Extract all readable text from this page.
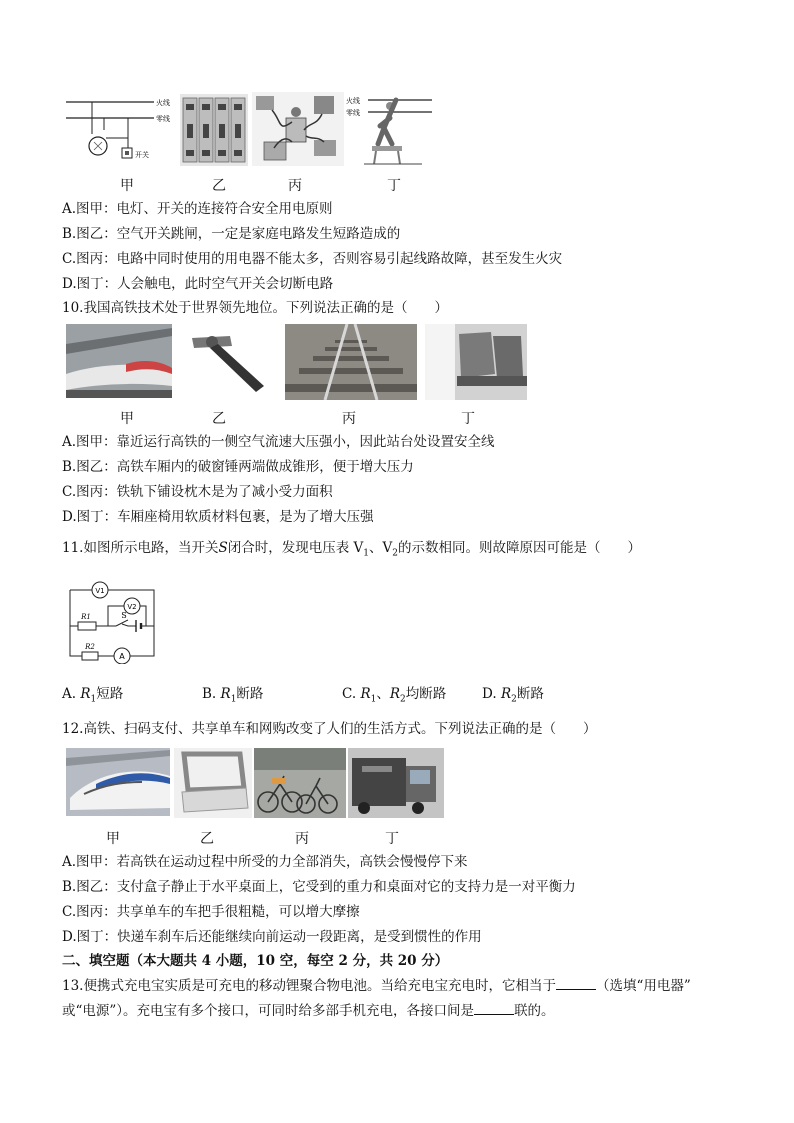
火线
零线
开关
火线
零线
甲	乙	丙	丁
A.图甲：电灯、开关的连接符合安全用电原则
B.图乙：空气开关跳闸，一定是家庭电路发生短路造成的
C.图丙：电路中同时使用的用电器不能太多，否则容易引起线路故障，甚至发生火灾
D.图丁：人会触电，此时空气开关会切断电路
10.我国高铁技术处于世界领先地位。下列说法正确的是（　　）
甲	乙	丙	丁
A.图甲：靠近运行高铁的一侧空气流速大压强小，因此站台处设置安全线
B.图乙：高铁车厢内的破窗锤两端做成锥形，便于增大压力
C.图丙：铁轨下铺设枕木是为了减小受力面积
D.图丁：车厢座椅用软质材料包裹，是为了增大压强
11.如图所示电路，当开关S闭合时，发现电压表 $V_1$、$V_2$的示数相同。则故障原因可能是（　　）
V1
V2
R1	S
R2
A
A. $R_1$短路	B. $R_1$断路	C. $R_1$、$R_2$均断路	D. $R_2$断路
12.高铁、扫码支付、共享单车和网购改变了人们的生活方式。下列说法正确的是（　　）
甲	乙	丙	丁
A.图甲：若高铁在运动过程中所受的力全部消失，高铁会慢慢停下来
B.图乙：支付盒子静止于水平桌面上，它受到的重力和桌面对它的支持力是一对平衡力
C.图丙：共享单车的车把手很粗糙，可以增大摩擦
D.图丁：快递车刹车后还能继续向前运动一段距离，是受到惯性的作用
二、填空题（本大题共 4 小题，10 空，每空 2 分，共 20 分）
13.便携式充电宝实质是可充电的移动锂聚合物电池。当给充电宝充电时，它相当于	（选填“用电器”
或“电源”）。充电宝有多个接口，可同时给多部手机充电，各接口间是	联的。
